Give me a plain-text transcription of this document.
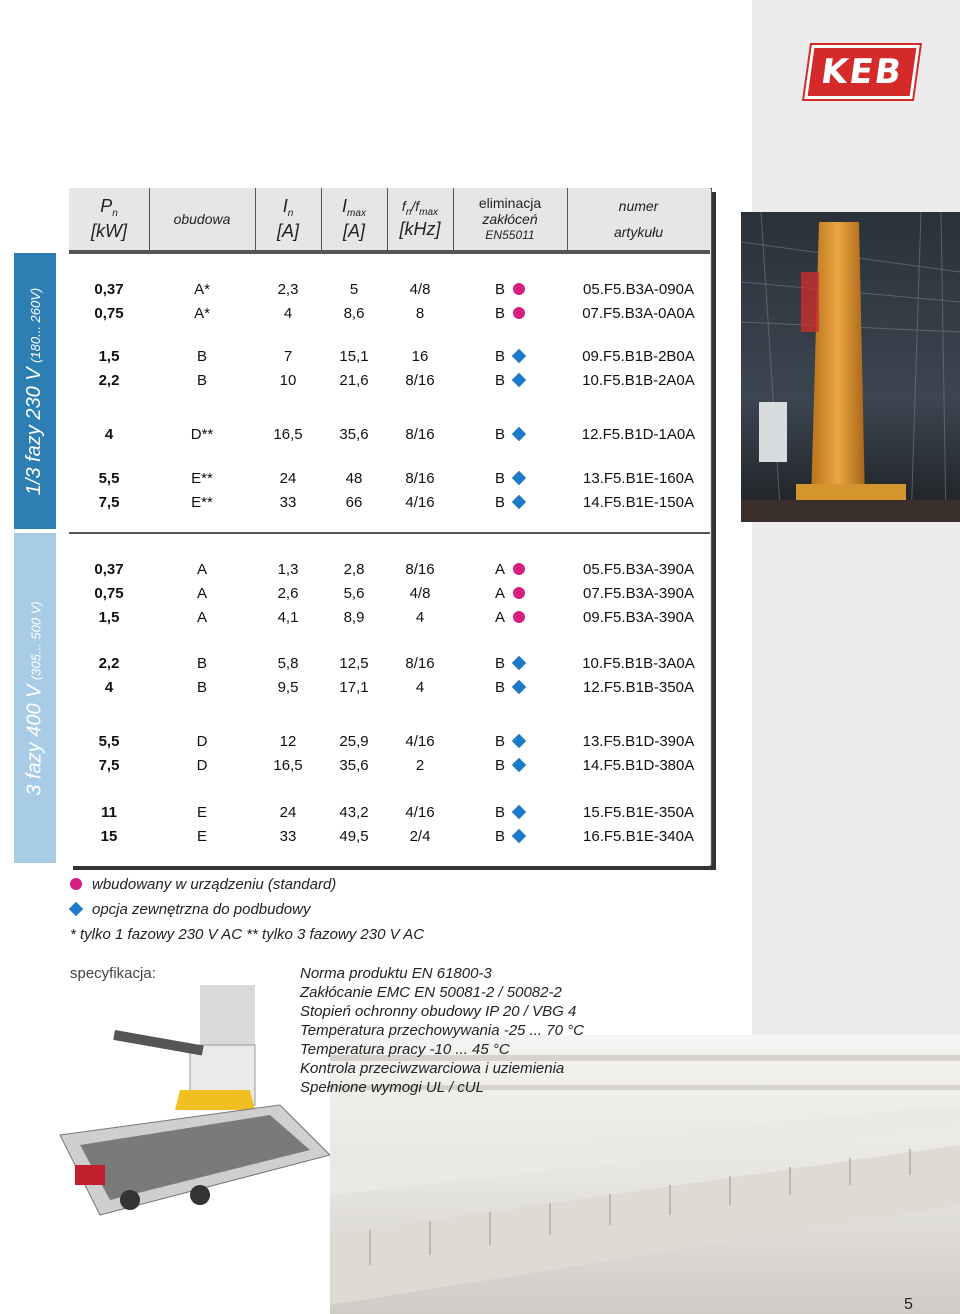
KEB
$P_n$
[kW]
obudowa
$I_n$
[A]
$I_{max}$
[A]
$f_n/f_{max}$
[kHz]
eliminacja
zakłóceń
EN55011
numer
artykułu
1/3 fazy 230 V (180... 260V)
3 fazy 400 V (305... 500 V)
0,37	A*	2,3	5	4/8	B	05.F5.B3A-090A
0,75	A*	4	8,6	8	B	07.F5.B3A-0A0A
1,5	B	7	15,1	16	B	09.F5.B1B-2B0A
2,2	B	10	21,6	8/16	B	10.F5.B1B-2A0A
4	D**	16,5	35,6	8/16	B	12.F5.B1D-1A0A
5,5	E**	24	48	8/16	B	13.F5.B1E-160A
7,5	E**	33	66	4/16	B	14.F5.B1E-150A
0,37	A	1,3	2,8	8/16	A	05.F5.B3A-390A
0,75	A	2,6	5,6	4/8	A	07.F5.B3A-390A
1,5	A	4,1	8,9	4	A	09.F5.B3A-390A
2,2	B	5,8	12,5	8/16	B	10.F5.B1B-3A0A
4	B	9,5	17,1	4	B	12.F5.B1B-350A
5,5	D	12	25,9	4/16	B	13.F5.B1D-390A
7,5	D	16,5	35,6	2	B	14.F5.B1D-380A
11	E	24	43,2	4/16	B	15.F5.B1E-350A
15	E	33	49,5	2/4	B	16.F5.B1E-340A
wbudowany w urządzeniu (standard)
opcja zewnętrzna do podbudowy
* tylko 1 fazowy 230 V AC ** tylko 3 fazowy 230 V AC
specyfikacja:	Norma produktu EN 61800-3
Zakłócanie EMC EN 50081-2 / 50082-2
Stopień ochronny obudowy IP 20 / VBG 4
Temperatura przechowywania -25 ... 70 °C
Temperatura pracy -10 ... 45 °C
Kontrola przeciwzwarciowa i uziemienia
Spełnione wymogi UL / cUL
5
